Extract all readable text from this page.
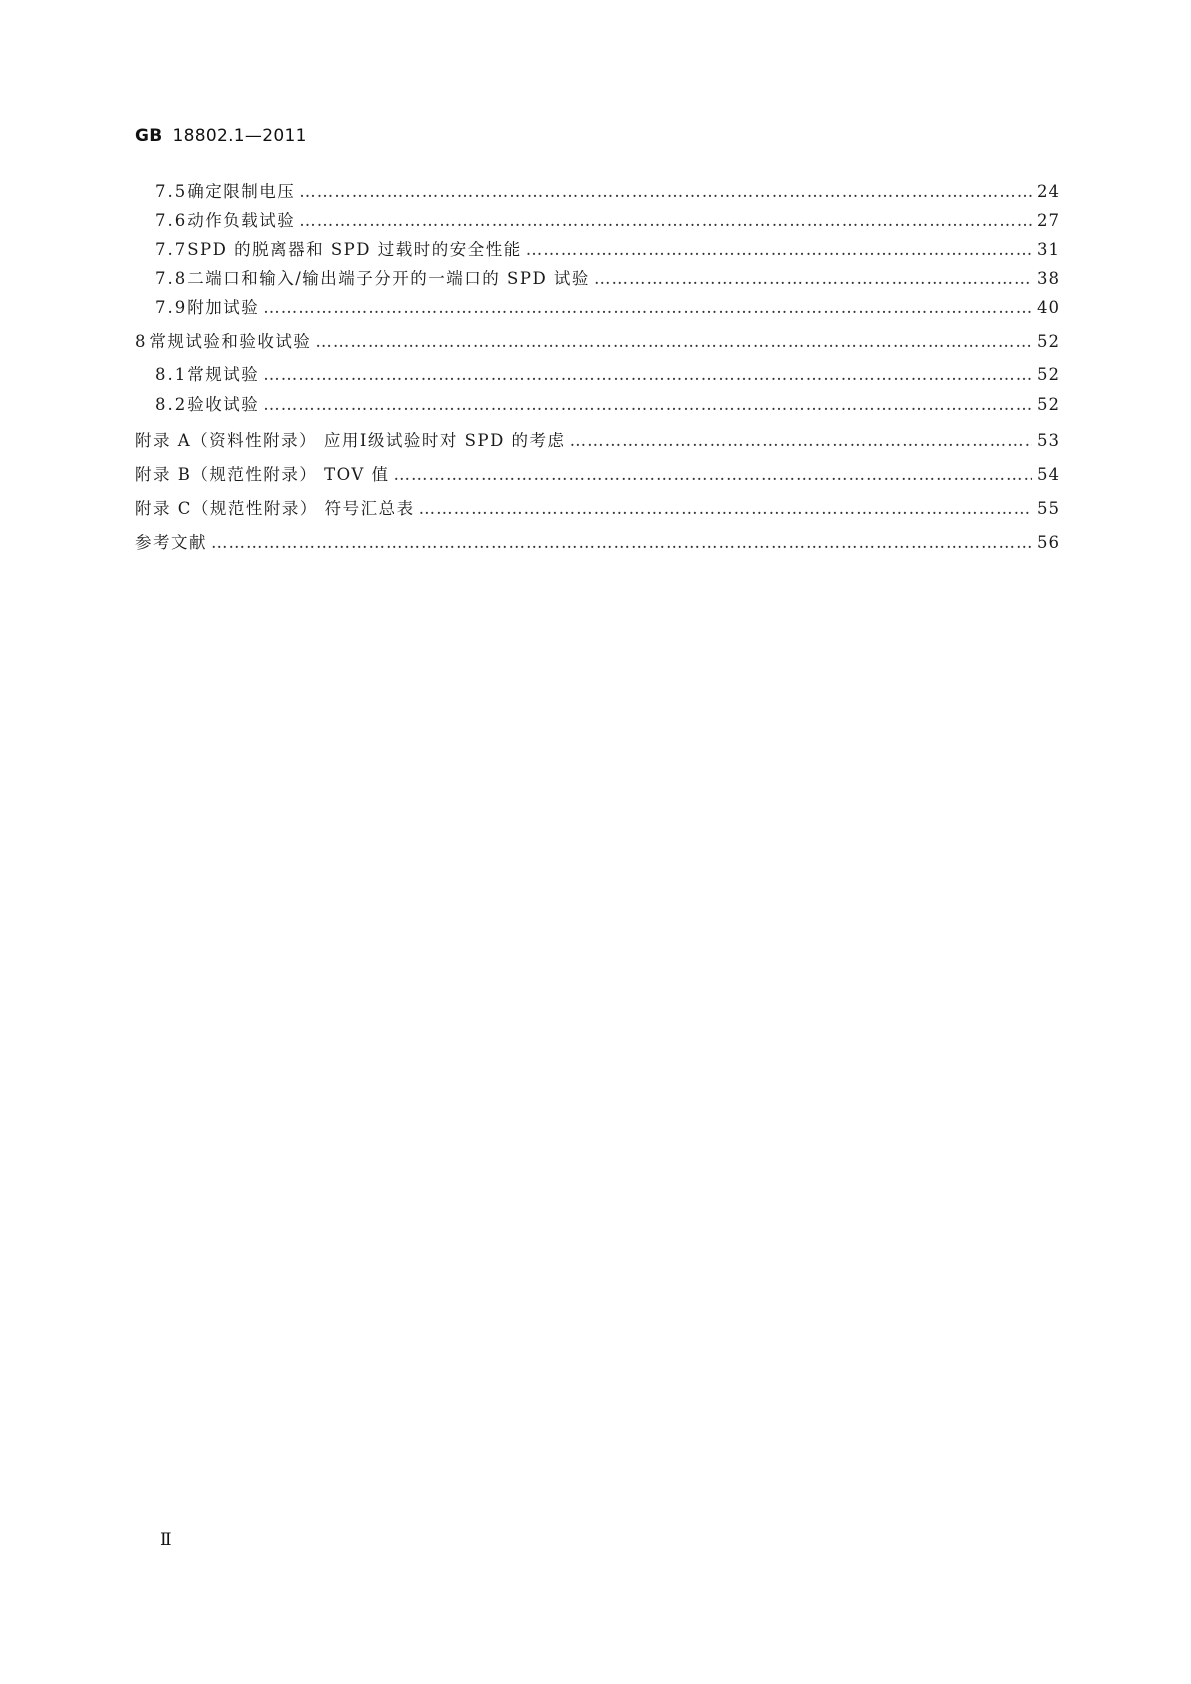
GB 18802.1—2011
7.5 确定限制电压 …………………………………………………………………………………………………………………………………………………………………………………………………………………………………………………	24
7.6 动作负载试验 …………………………………………………………………………………………………………………………………………………………………………………………………………………………………………………	27
7.7 SPD 的脱离器和 SPD 过载时的安全性能 …………………………………………………………………………………………………………………………………………………………………………………………………………………………………………………	31
7.8 二端口和输入/输出端子分开的一端口的 SPD 试验 …………………………………………………………………………………………………………………………………………………………………………………………………………………………………………………	38
7.9 附加试验 …………………………………………………………………………………………………………………………………………………………………………………………………………………………………………………	40
8 常规试验和验收试验 …………………………………………………………………………………………………………………………………………………………………………………………………………………………………………………	52
8.1 常规试验 …………………………………………………………………………………………………………………………………………………………………………………………………………………………………………………	52
8.2 验收试验 …………………………………………………………………………………………………………………………………………………………………………………………………………………………………………………	52
附录 A（资料性附录） 应用Ⅰ级试验时对 SPD 的考虑 …………………………………………………………………………………………………………………………………………………………………………………………………………………………………………………	53
附录 B（规范性附录） TOV 值 …………………………………………………………………………………………………………………………………………………………………………………………………………………………………………………	54
附录 C（规范性附录） 符号汇总表 …………………………………………………………………………………………………………………………………………………………………………………………………………………………………………………	55
参考文献 …………………………………………………………………………………………………………………………………………………………………………………………………………………………………………………	56
Ⅱ
